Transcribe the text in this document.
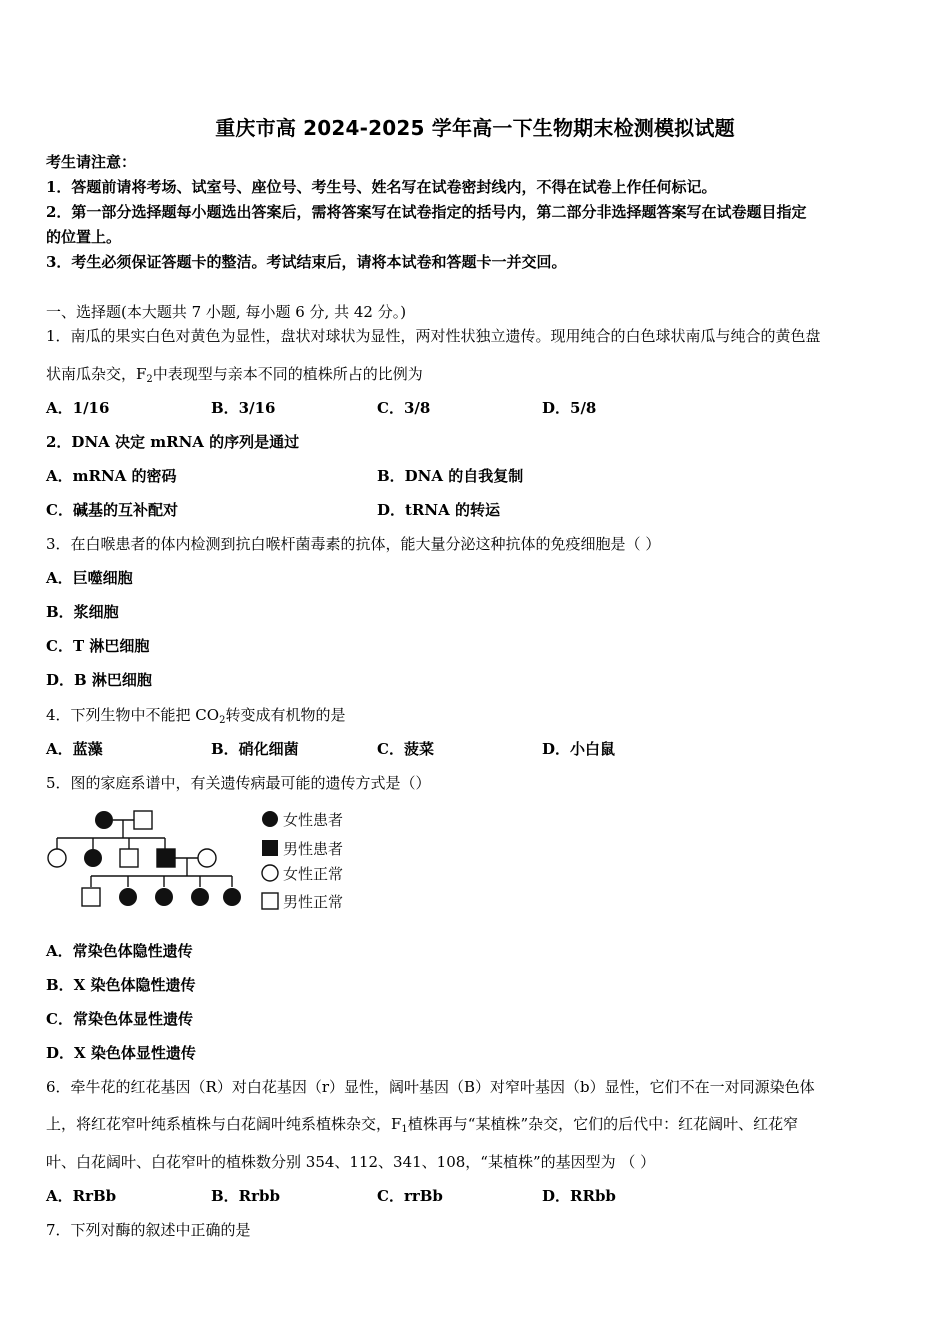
重庆市高 2024-2025 学年高一下生物期末检测模拟试题
考生请注意：
1．答题前请将考场、试室号、座位号、考生号、姓名写在试卷密封线内，不得在试卷上作任何标记。
2．第一部分选择题每小题选出答案后，需将答案写在试卷指定的括号内，第二部分非选择题答案写在试卷题目指定
的位置上。
3．考生必须保证答题卡的整洁。考试结束后，请将本试卷和答题卡一并交回。
一、选择题(本大题共 7 小题, 每小题 6 分, 共 42 分。)
1．南瓜的果实白色对黄色为显性，盘状对球状为显性，两对性状独立遗传。现用纯合的白色球状南瓜与纯合的黄色盘
状南瓜杂交，$F_2$中表现型与亲本不同的植株所占的比例为
A．1/16	B．3/16	C．3/8	D．5/8
2．DNA 决定 mRNA 的序列是通过
A．mRNA 的密码	B．DNA 的自我复制
C．碱基的互补配对	D．tRNA 的转运
3．在白喉患者的体内检测到抗白喉杆菌毒素的抗体，能大量分泌这种抗体的免疫细胞是（ ）
A．巨噬细胞
B．浆细胞
C．T 淋巴细胞
D．B 淋巴细胞
4．下列生物中不能把 $CO_2$转变成有机物的是
A．蓝藻	B．硝化细菌	C．菠菜	D．小白鼠
5．图的家庭系谱中，有关遗传病最可能的遗传方式是（）
女性患者
男性患者
女性正常
男性正常
A．常染色体隐性遗传
B．X 染色体隐性遗传
C．常染色体显性遗传
D．X 染色体显性遗传
6．牵牛花的红花基因（R）对白花基因（r）显性，阔叶基因（B）对窄叶基因（b）显性，它们不在一对同源染色体
上，将红花窄叶纯系植株与白花阔叶纯系植株杂交，$F_1$植株再与“某植株”杂交，它们的后代中：红花阔叶、红花窄
叶、白花阔叶、白花窄叶的植株数分别 354、112、341、108，“某植株”的基因型为 （ ）
A．RrBb	B．Rrbb	C．rrBb	D．RRbb
7．下列对酶的叙述中正确的是
